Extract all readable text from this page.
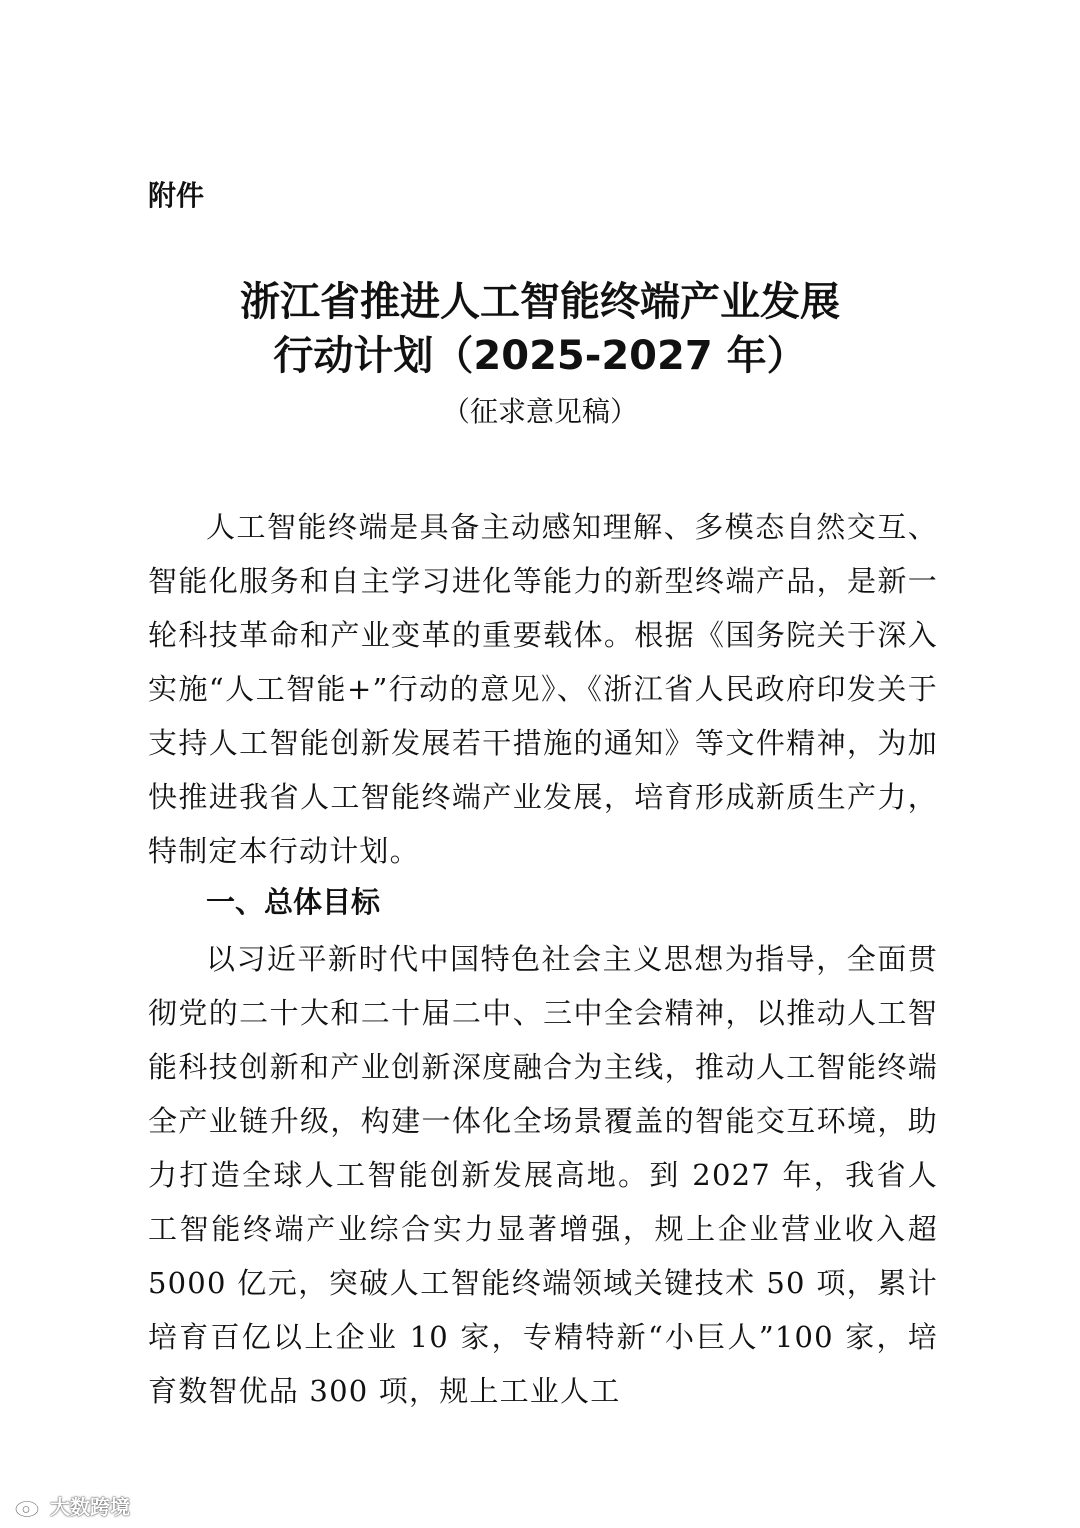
附件

浙江省推进人工智能终端产业发展
行动计划（2025-2027 年）

（征求意见稿）

人工智能终端是具备主动感知理解、多模态自然交互、智能化服务和自主学习进化等能力的新型终端产品，是新一轮科技革命和产业变革的重要载体。根据《国务院关于深入实施“人工智能+”行动的意见》、《浙江省人民政府印发关于支持人工智能创新发展若干措施的通知》等文件精神，为加快推进我省人工智能终端产业发展，培育形成新质生产力，特制定本行动计划。

一、总体目标

以习近平新时代中国特色社会主义思想为指导，全面贯彻党的二十大和二十届二中、三中全会精神，以推动人工智能科技创新和产业创新深度融合为主线，推动人工智能终端全产业链升级，构建一体化全场景覆盖的智能交互环境，助力打造全球人工智能创新发展高地。到 2027 年，我省人工智能终端产业综合实力显著增强，规上企业营业收入超 5000 亿元，突破人工智能终端领域关键技术 50 项，累计培育百亿以上企业 10 家，专精特新“小巨人”100 家，培育数智优品 300 项，规上工业人工

大数跨境
